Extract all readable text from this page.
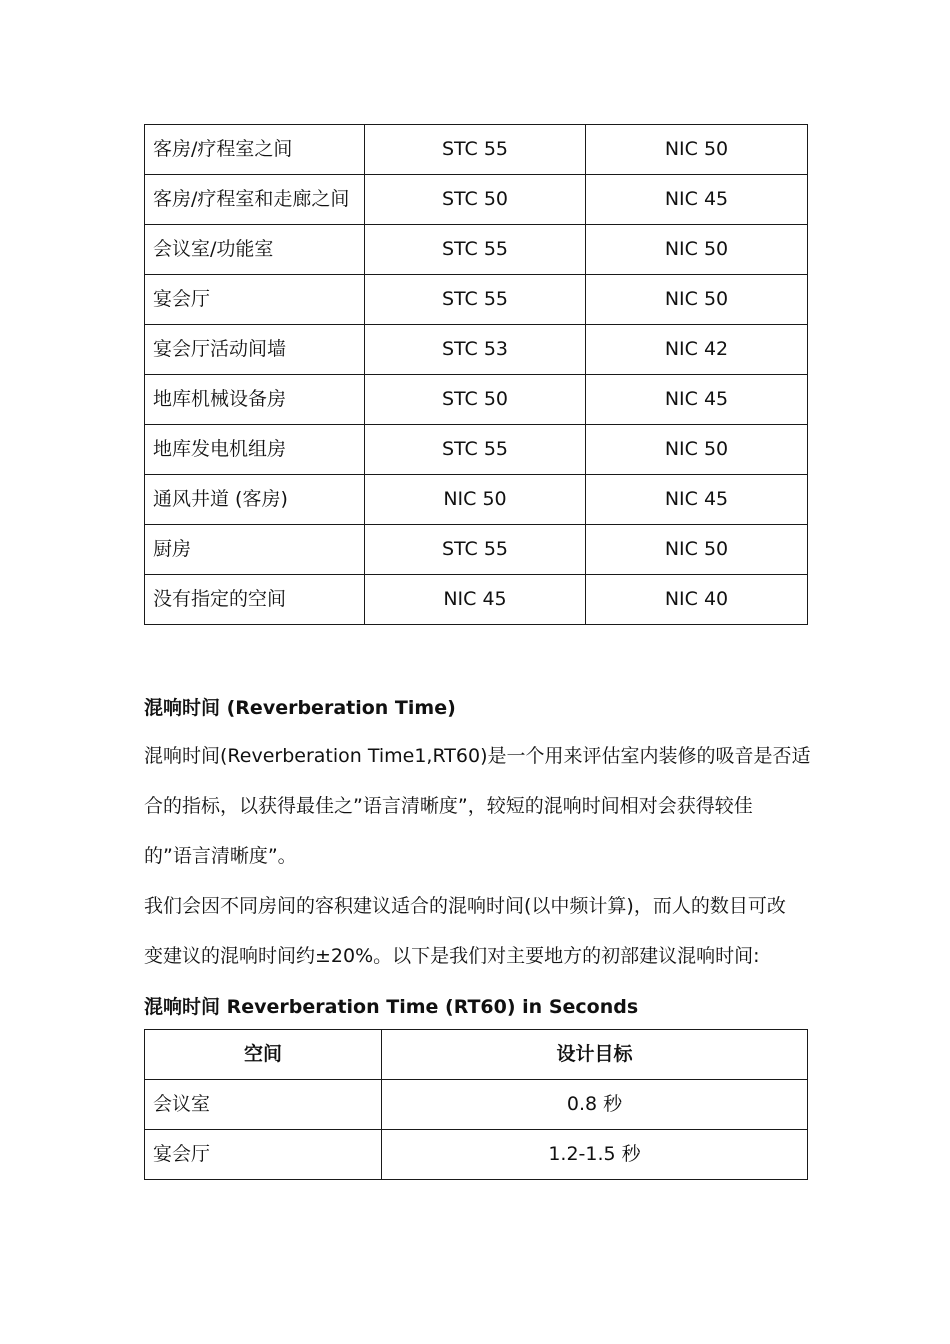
客房/疗程室之间	STC 55	NIC 50
客房/疗程室和走廊之间	STC 50	NIC 45
会议室/功能室	STC 55	NIC 50
宴会厅	STC 55	NIC 50
宴会厅活动间墙	STC 53	NIC 42
地库机械设备房	STC 50	NIC 45
地库发电机组房	STC 55	NIC 50
通风井道 (客房)	NIC 50	NIC 45
厨房	STC 55	NIC 50
没有指定的空间	NIC 45	NIC 40
混响时间 (Reverberation Time)
混响时间(Reverberation Time1,RT60)是一个用来评估室内装修的吸音是否适
合的指标，以获得最佳之”语言清晰度”，较短的混响时间相对会获得较佳
的”语言清晰度”。
我们会因不同房间的容积建议适合的混响时间(以中频计算)，而人的数目可改
变建议的混响时间约±20%。以下是我们对主要地方的初部建议混响时间:
混响时间 Reverberation Time (RT60) in Seconds
空间	设计目标
会议室	0.8 秒
宴会厅	1.2-1.5 秒
